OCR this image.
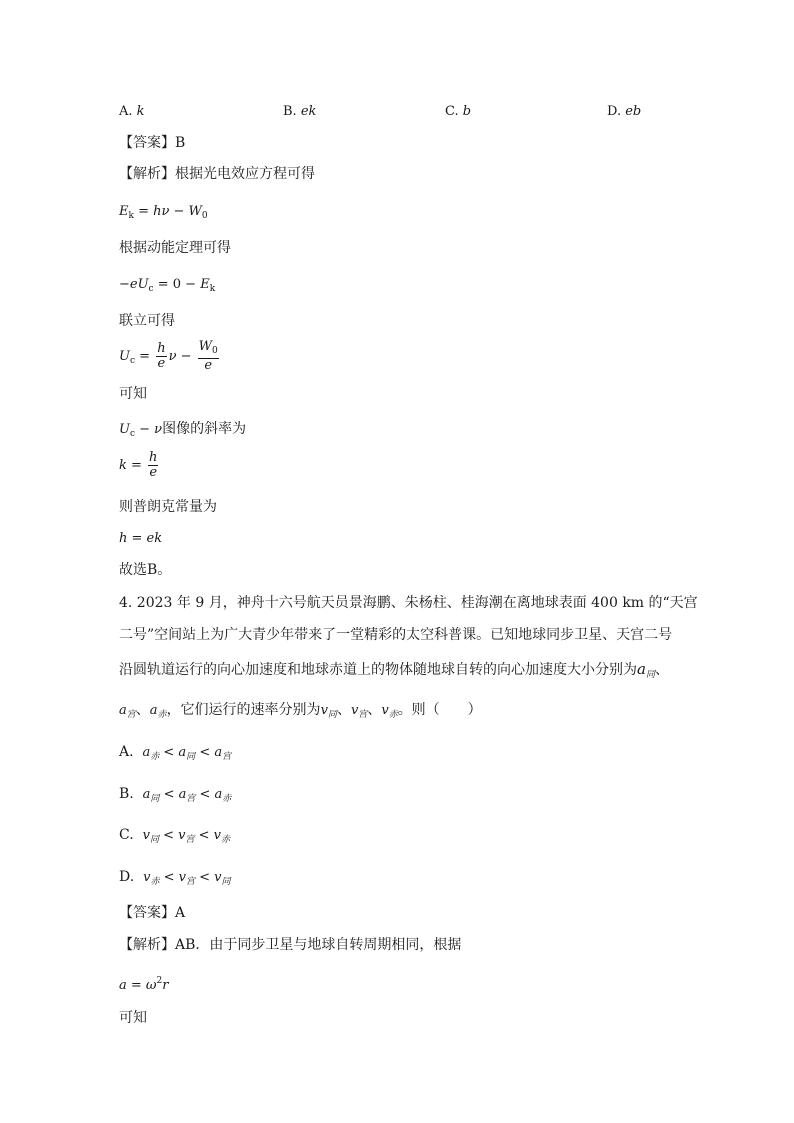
A. k	B. ek	C. b	D. eb
【答案】B
【解析】根据光电效应方程可得
$E_k = h\nu - W_0$
根据动能定理可得
$-eU_c = 0 - E_k$
联立可得
$U_c = \frac{h}{e}$ $\nu - \frac{W_0}{e}$
可知
$U_c - \nu$图像的斜率为
$k = \frac{h}{e}$
则普朗克常量为
h = ek
故选B。
4. 2023 年 9 月，神舟十六号航天员景海鹏、朱杨柱、桂海潮在离地球表面 400 km 的“天宫
二号”空间站上为广大青少年带来了一堂精彩的太空科普课。已知地球同步卫星、天宫二号
沿圆轨道运行的向心加速度和地球赤道上的物体随地球自转的向心加速度大小分别为$a_同$、
$a_宫$、$a_赤$，它们运行的速率分别为$v_同$、$v_宫$、$v_赤$。则（　　）
A. $a_赤 < a_同 < a_宫$
B. $a_同 < a_宫 < a_赤$
C. $v_同 < v_宫 < v_赤$
D. $v_赤 < v_宫 < v_同$
【答案】A
【解析】AB．由于同步卫星与地球自转周期相同，根据
$a = \omega^2r$
可知
